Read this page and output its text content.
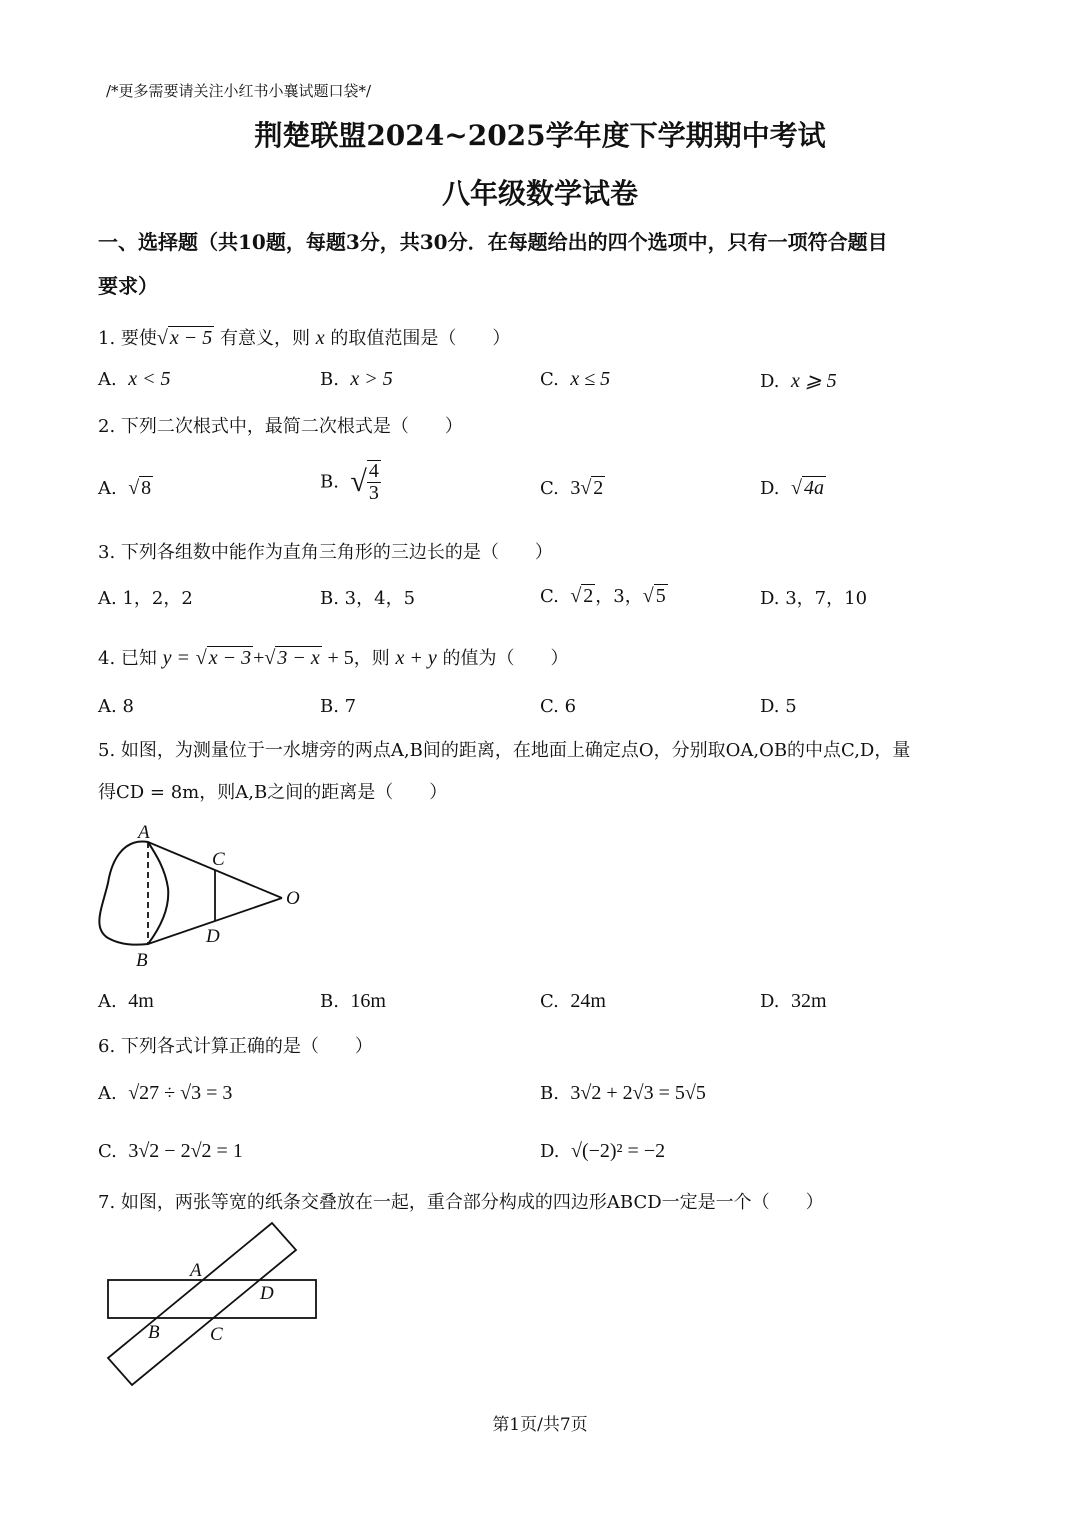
/*更多需要请关注小红书小襄试题口袋*/
荆楚联盟2024~2025学年度下学期期中考试
八年级数学试卷
一、选择题（共10题，每题3分，共30分．在每题给出的四个选项中，只有一项符合题目
要求）
1. 要使√ x − 5 有意义，则 x 的取值范围是（　　）
A. x < 5	B. x > 5	C. x ≤ 5	D. x ⩾ 5
2. 下列二次根式中，最简二次根式是（　　）
A. √ 8	B. √ $\frac{4}{3}$	C. 3√ 2	D. √ 4a
3. 下列各组数中能作为直角三角形的三边长的是（　　）
A. 1，2，2	B. 3，4，5	C. √ 2 ，3，√ 5	D. 3，7，10
4. 已知 y = √ x − 3 +√ 3 − x + 5，则 x + y 的值为（　　）
A. 8	B. 7	C. 6	D. 5
5. 如图，为测量位于一水塘旁的两点A,B间的距离，在地面上确定点O，分别取OA,OB的中点C,D，量
得CD = 8m，则A,B之间的距离是（　　）
A
B
C
D
O
A. 4m	B. 16m	C. 24m	D. 32m
6. 下列各式计算正确的是（　　）
A. √27 ÷ √3 = 3	B. 3√2 + 2√3 = 5√5
C. 3√2 − 2√2 = 1	D. √(−2)² = −2
7. 如图，两张等宽的纸条交叠放在一起，重合部分构成的四边形ABCD一定是一个（　　）
A
D
B	C
第1页/共7页
